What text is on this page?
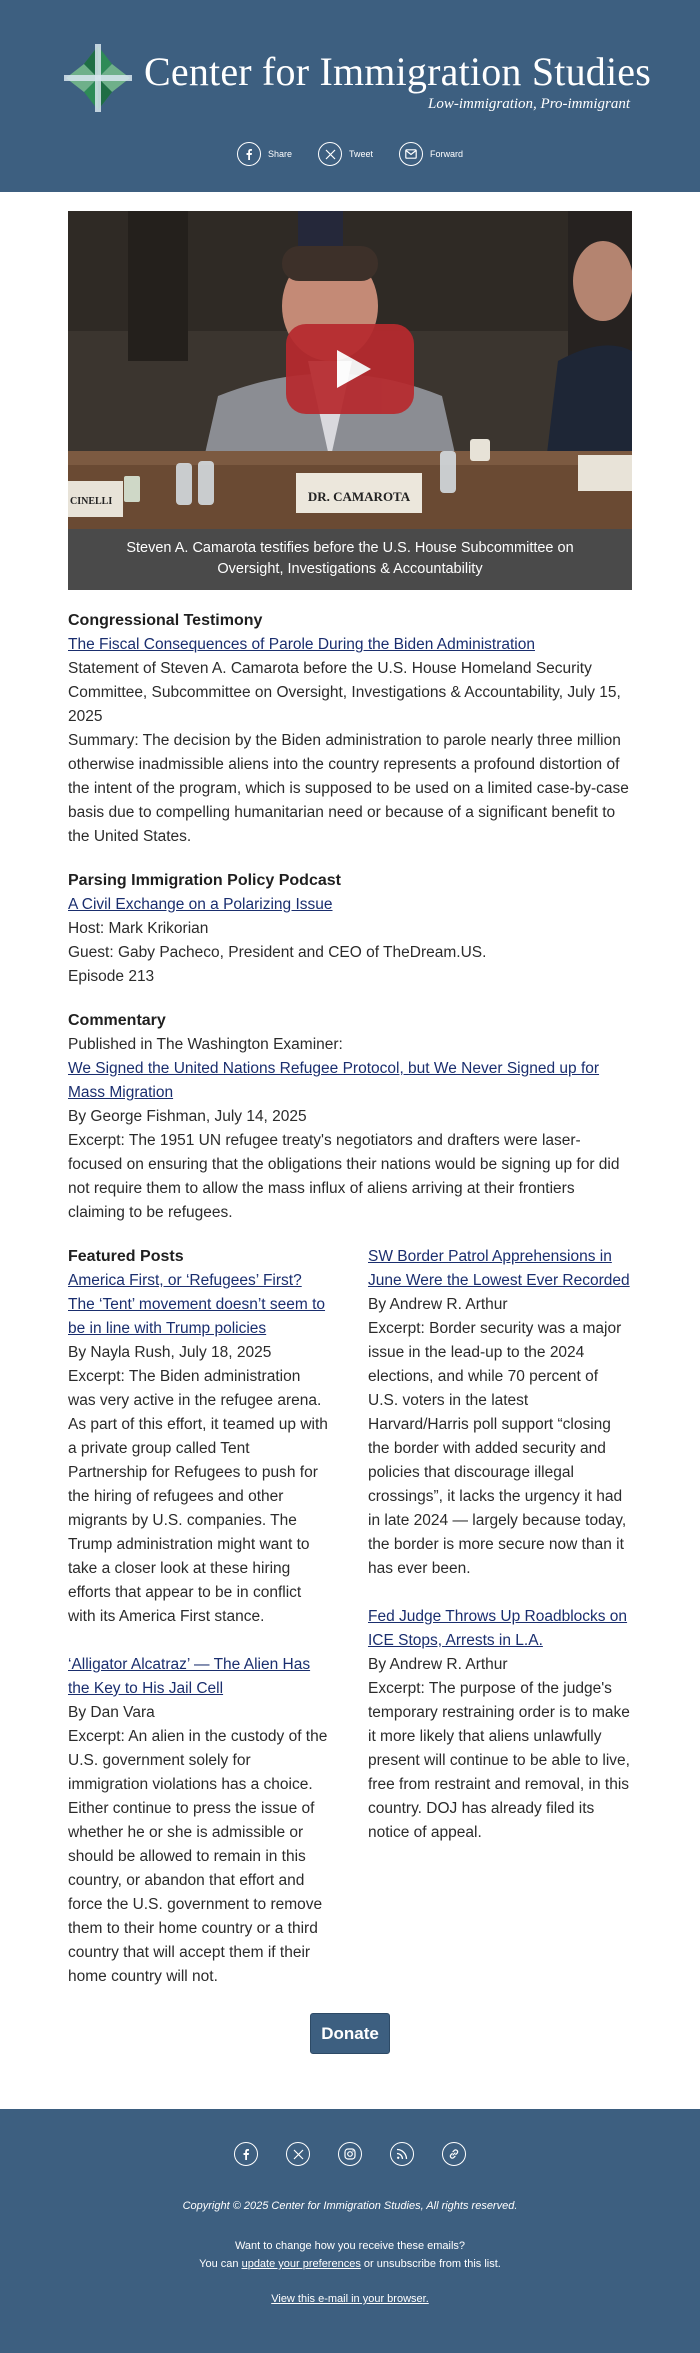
Center for Immigration Studies
Low-immigration, Pro-immigrant
Share	Tweet	Forward
DR. CAMAROTA
CINELLI
Steven A. Camarota testifies before the U.S. House Subcommittee on Oversight, Investigations & Accountability
Congressional Testimony

The Fiscal Consequences of Parole During the Biden Administration

Statement of Steven A. Camarota before the U.S. House Homeland Security Committee, Subcommittee on Oversight, Investigations & Accountability, July 15, 2025

Summary: The decision by the Biden administration to parole nearly three million otherwise inadmissible aliens into the country represents a profound distortion of the intent of the program, which is supposed to be used on a limited case-by-case basis due to compelling humanitarian need or because of a significant benefit to the United States.

Parsing Immigration Policy Podcast

A Civil Exchange on a Polarizing Issue

Host: Mark Krikorian

Guest: Gaby Pacheco, President and CEO of TheDream.US.

Episode 213

Commentary

Published in The Washington Examiner:

We Signed the United Nations Refugee Protocol, but We Never Signed up for Mass Migration

By George Fishman, July 14, 2025

Excerpt: The 1951 UN refugee treaty's negotiators and drafters were laser-focused on ensuring that the obligations their nations would be signing up for did not require them to allow the mass influx of aliens arriving at their frontiers claiming to be refugees.

Featured Posts

America First, or ‘Refugees’ First? The ‘Tent’ movement doesn’t seem to be in line with Trump policies

By Nayla Rush, July 18, 2025

Excerpt: The Biden administration was very active in the refugee arena. As part of this effort, it teamed up with a private group called Tent Partnership for Refugees to push for the hiring of refugees and other migrants by U.S. companies. The Trump administration might want to take a closer look at these hiring efforts that appear to be in conflict with its America First stance.

‘Alligator Alcatraz’ — The Alien Has the Key to His Jail Cell

By Dan Vara

Excerpt: An alien in the custody of the U.S. government solely for immigration violations has a choice. Either continue to press the issue of whether he or she is admissible or should be allowed to remain in this country, or abandon that effort and force the U.S. government to remove them to their home country or a third country that will accept them if their home country will not.

SW Border Patrol Apprehensions in June Were the Lowest Ever Recorded

By Andrew R. Arthur

Excerpt: Border security was a major issue in the lead-up to the 2024 elections, and while 70 percent of U.S. voters in the latest Harvard/Harris poll support “closing the border with added security and policies that discourage illegal crossings”, it lacks the urgency it had in late 2024 — largely because today, the border is more secure now than it has ever been.

Fed Judge Throws Up Roadblocks on ICE Stops, Arrests in L.A.

By Andrew R. Arthur

Excerpt: The purpose of the judge's temporary restraining order is to make it more likely that aliens unlawfully present will continue to be able to live, free from restraint and removal, in this country. DOJ has already filed its notice of appeal.

Donate
Copyright © 2025 Center for Immigration Studies, All rights reserved.
Want to change how you receive these emails?
You can update your preferences or unsubscribe from this list.
View this e-mail in your browser.
